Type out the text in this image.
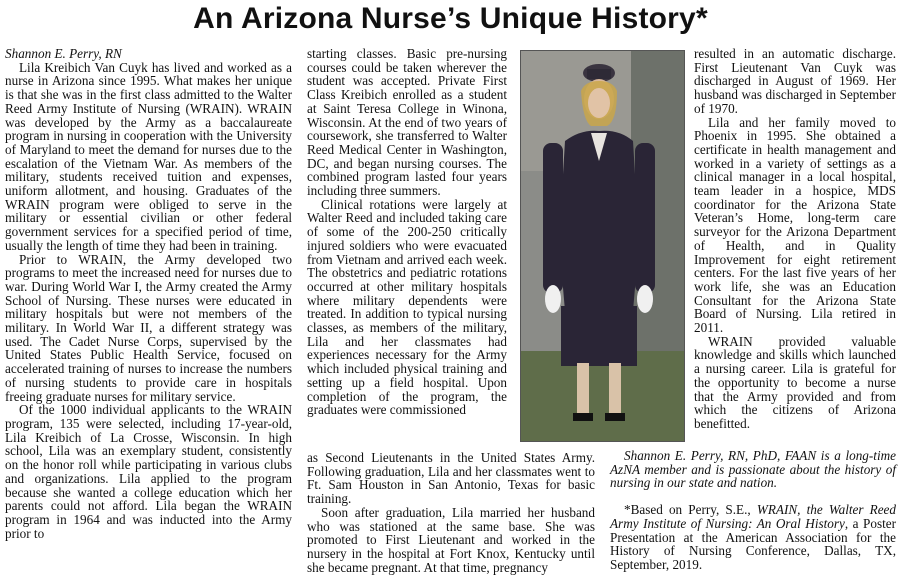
An Arizona Nurse’s Unique History*

Shannon E. Perry, RN

Lila Kreibich Van Cuyk has lived and worked as a nurse in Arizona since 1995. What makes her unique is that she was in the first class admitted to the Walter Reed Army Institute of Nursing (WRAIN). WRAIN was developed by the Army as a baccalaureate program in nursing in cooperation with the University of Maryland to meet the demand for nurses due to the escalation of the Vietnam War. As members of the military, students received tuition and expenses, uniform allotment, and housing. Graduates of the WRAIN program were obliged to serve in the military or essential civilian or other federal government services for a specified period of time, usually the length of time they had been in training.

Prior to WRAIN, the Army developed two programs to meet the increased need for nurses due to war. During World War I, the Army created the Army School of Nursing. These nurses were educated in military hospitals but were not members of the military. In World War II, a different strategy was used. The Cadet Nurse Corps, supervised by the United States Public Health Service, focused on accelerated training of nurses to increase the numbers of nursing students to provide care in hospitals freeing graduate nurses for military service.

Of the 1000 individual applicants to the WRAIN program, 135 were selected, including 17-year-old, Lila Kreibich of La Crosse, Wisconsin. In high school, Lila was an exemplary student, consistently on the honor roll while participating in various clubs and organizations. Lila applied to the program because she wanted a college education which her parents could not afford. Lila began the WRAIN program in 1964 and was inducted into the Army prior to

starting classes. Basic pre-nursing courses could be taken wherever the student was accepted. Private First Class Kreibich enrolled as a student at Saint Teresa College in Winona, Wisconsin. At the end of two years of coursework, she transferred to Walter Reed Medical Center in Washington, DC, and began nursing courses. The combined program lasted four years including three summers.

Clinical rotations were largely at Walter Reed and included taking care of some of the 200-250 critically injured soldiers who were evacuated from Vietnam and arrived each week. The obstetrics and pediatric rotations occurred at other military hospitals where military dependents were treated. In addition to typical nursing classes, as members of the military, Lila and her classmates had experiences necessary for the Army which included physical training and setting up a field hospital. Upon completion of the program, the graduates were commissioned

as Second Lieutenants in the United States Army. Following graduation, Lila and her classmates went to Ft. Sam Houston in San Antonio, Texas for basic training.

Soon after graduation, Lila married her husband who was stationed at the same base. She was promoted to First Lieutenant and worked in the nursery in the hospital at Fort Knox, Kentucky until she became pregnant. At that time, pregnancy

resulted in an automatic discharge. First Lieutenant Van Cuyk was discharged in August of 1969. Her husband was discharged in September of 1970.

Lila and her family moved to Phoenix in 1995. She obtained a certificate in health management and worked in a variety of settings as a clinical manager in a local hospital, team leader in a hospice, MDS coordinator for the Arizona State Veteran’s Home, long-term care surveyor for the Arizona Department of Health, and in Quality Improvement for eight retirement centers. For the last five years of her work life, she was an Education Consultant for the Arizona State Board of Nursing. Lila retired in 2011.

WRAIN provided valuable knowledge and skills which launched a nursing career. Lila is grateful for the opportunity to become a nurse that the Army provided and from which the citizens of Arizona benefitted.

Shannon E. Perry, RN, PhD, FAAN is a long-time AzNA member and is passionate about the history of nursing in our state and nation.

*Based on Perry, S.E., WRAIN, the Walter Reed Army Institute of Nursing: An Oral History, a Poster Presentation at the American Association for the History of Nursing Conference, Dallas, TX, September, 2019.
